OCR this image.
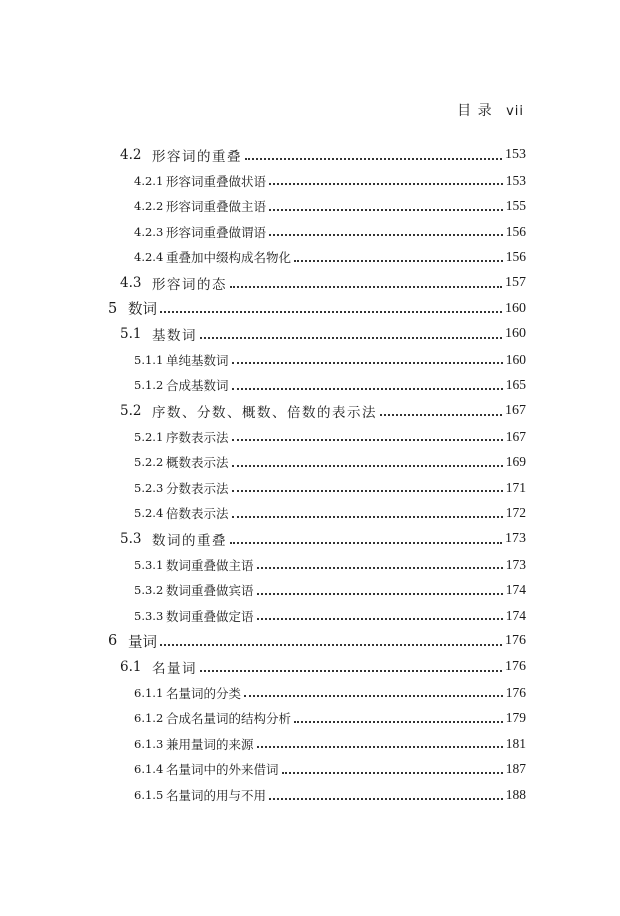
目 录 vii
4.2 形容词的重叠	153
4.2.1 形容词重叠做状语	153
4.2.2 形容词重叠做主语	155
4.2.3 形容词重叠做谓语	156
4.2.4 重叠加中缀构成名物化	156
4.3 形容词的态	157
5 数词	160
5.1 基数词	160
5.1.1 单纯基数词	160
5.1.2 合成基数词	165
5.2 序数、分数、概数、倍数的表示法	167
5.2.1 序数表示法	167
5.2.2 概数表示法	169
5.2.3 分数表示法	171
5.2.4 倍数表示法	172
5.3 数词的重叠	173
5.3.1 数词重叠做主语	173
5.3.2 数词重叠做宾语	174
5.3.3 数词重叠做定语	174
6 量词	176
6.1 名量词	176
6.1.1 名量词的分类	176
6.1.2 合成名量词的结构分析	179
6.1.3 兼用量词的来源	181
6.1.4 名量词中的外来借词	187
6.1.5 名量词的用与不用	188
